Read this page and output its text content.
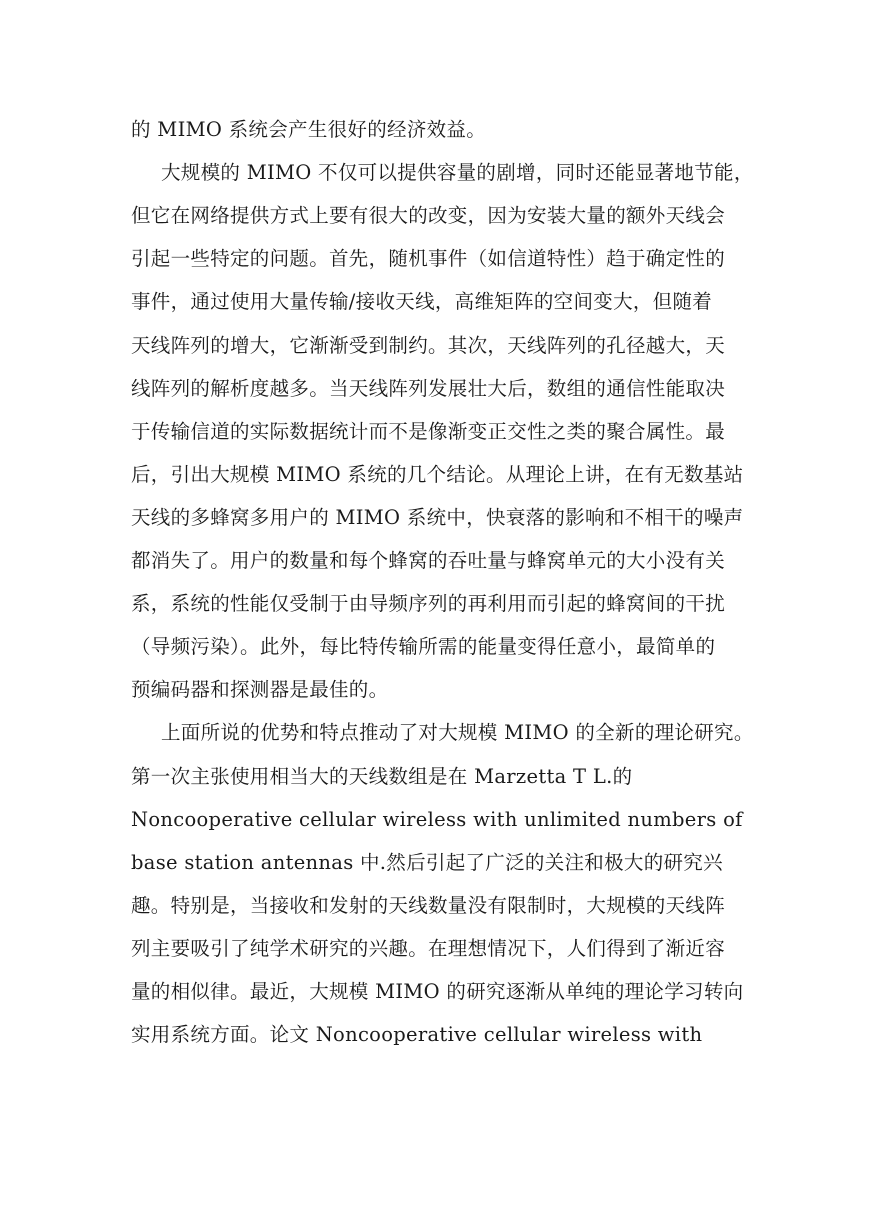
的 MIMO 系统会产生很好的经济效益。
大规模的 MIMO 不仅可以提供容量的剧增，同时还能显著地节能，
但它在网络提供方式上要有很大的改变，因为安装大量的额外天线会
引起一些特定的问题。首先，随机事件（如信道特性）趋于确定性的
事件，通过使用大量传输/接收天线，高维矩阵的空间变大，但随着
天线阵列的增大，它渐渐受到制约。其次，天线阵列的孔径越大，天
线阵列的解析度越多。当天线阵列发展壮大后，数组的通信性能取决
于传输信道的实际数据统计而不是像渐变正交性之类的聚合属性。最
后，引出大规模 MIMO 系统的几个结论。从理论上讲，在有无数基站
天线的多蜂窝多用户的 MIMO 系统中，快衰落的影响和不相干的噪声
都消失了。用户的数量和每个蜂窝的吞吐量与蜂窝单元的大小没有关
系，系统的性能仅受制于由导频序列的再利用而引起的蜂窝间的干扰
（导频污染）。此外，每比特传输所需的能量变得任意小，最简单的
预编码器和探测器是最佳的。
上面所说的优势和特点推动了对大规模 MIMO 的全新的理论研究。
第一次主张使用相当大的天线数组是在 Marzetta T L.的
Noncooperative cellular wireless with unlimited numbers of
base station antennas 中.然后引起了广泛的关注和极大的研究兴
趣。特别是，当接收和发射的天线数量没有限制时，大规模的天线阵
列主要吸引了纯学术研究的兴趣。在理想情况下，人们得到了渐近容
量的相似律。最近，大规模 MIMO 的研究逐渐从单纯的理论学习转向
实用系统方面。论文 Noncooperative cellular wireless with
